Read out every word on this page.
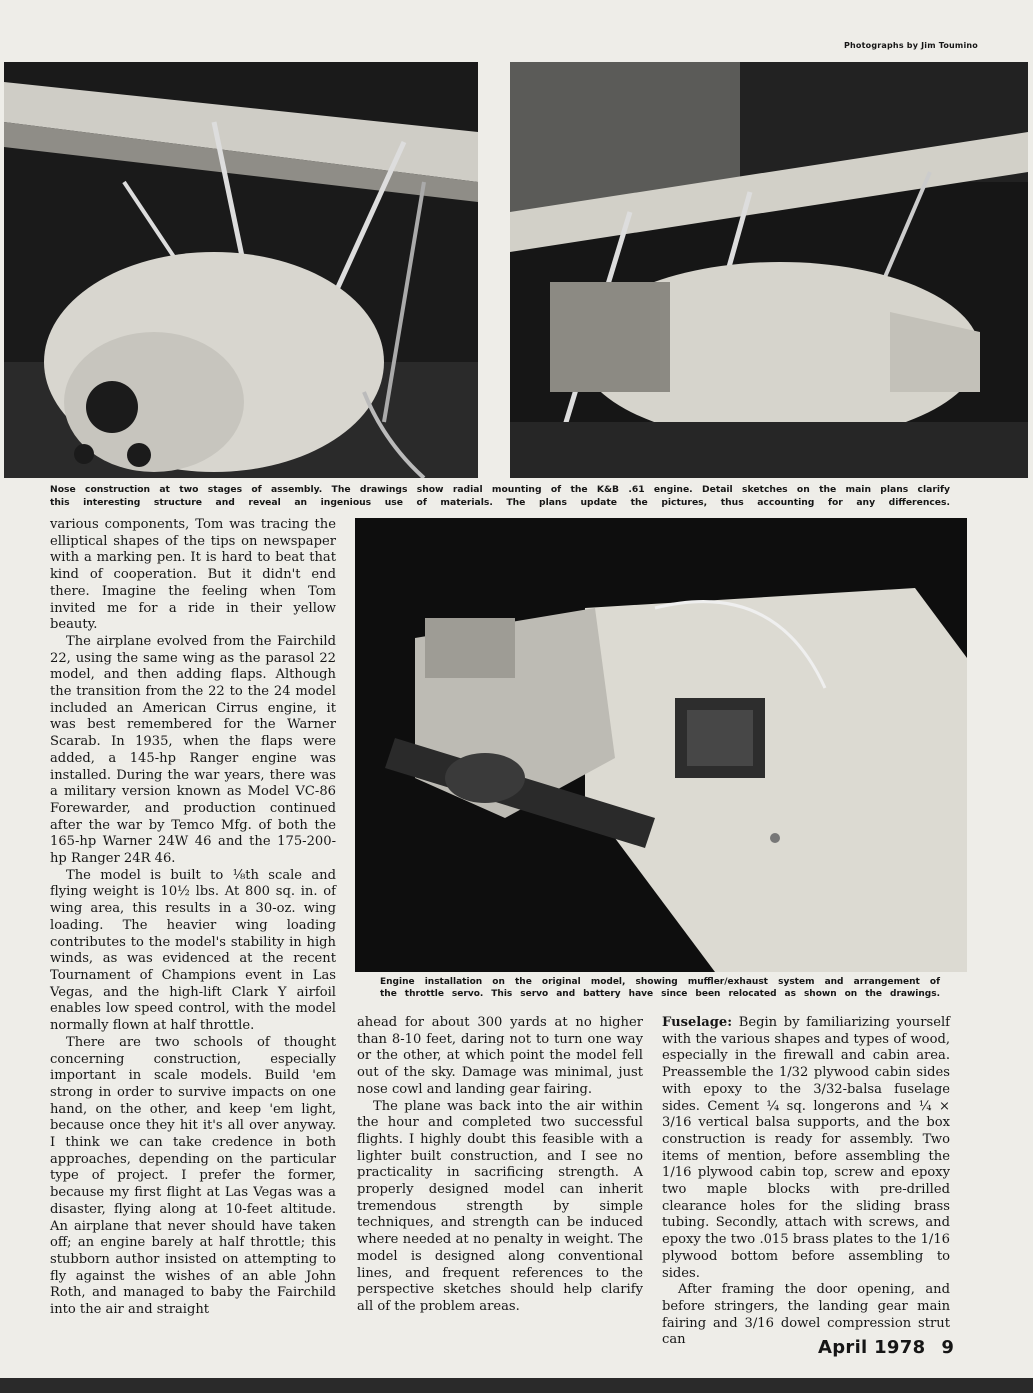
Photographs by Jim Toumino
Nose construction at two stages of assembly. The drawings show radial mounting of the K&B .61 engine. Detail sketches on the main plans clarify
this interesting structure and reveal an ingenious use of materials. The plans update the pictures, thus accounting for any differences.
Engine installation on the original model, showing muffler/exhaust system and arrangement of
the throttle servo. This servo and battery have since been relocated as shown on the drawings.

various components, Tom was tracing the elliptical shapes of the tips on newspaper with a marking pen. It is hard to beat that kind of cooperation. But it didn't end there. Imagine the feeling when Tom invited me for a ride in their yellow beauty.

The airplane evolved from the Fairchild 22, using the same wing as the parasol 22 model, and then adding flaps. Although the transition from the 22 to the 24 model included an American Cirrus engine, it was best remembered for the Warner Scarab. In 1935, when the flaps were added, a 145-hp Ranger engine was installed. During the war years, there was a military version known as Model VC-86 Forewarder, and production continued after the war by Temco Mfg. of both the 165-hp Warner 24W 46 and the 175-200-hp Ranger 24R 46.

The model is built to ⅛th scale and flying weight is 10½ lbs. At 800 sq. in. of wing area, this results in a 30-oz. wing loading. The heavier wing loading contributes to the model's stability in high winds, as was evidenced at the recent Tournament of Champions event in Las Vegas, and the high-lift Clark Y airfoil enables low speed control, with the model normally flown at half throttle.

There are two schools of thought concerning construction, especially important in scale models. Build 'em strong in order to survive impacts on one hand, on the other, and keep 'em light, because once they hit it's all over anyway. I think we can take credence in both approaches, depending on the particular type of project. I prefer the former, because my first flight at Las Vegas was a disaster, flying along at 10-feet altitude. An airplane that never should have taken off; an engine barely at half throttle; this stubborn author insisted on attempting to fly against the wishes of an able John Roth, and managed to baby the Fairchild into the air and straight

ahead for about 300 yards at no higher than 8-10 feet, daring not to turn one way or the other, at which point the model fell out of the sky. Damage was minimal, just nose cowl and landing gear fairing.

The plane was back into the air within the hour and completed two successful flights. I highly doubt this feasible with a lighter built construction, and I see no practicality in sacrificing strength. A properly designed model can inherit tremendous strength by simple techniques, and strength can be induced where needed at no penalty in weight. The model is designed along conventional lines, and frequent references to the perspective sketches should help clarify all of the problem areas.

Fuselage: Begin by familiarizing yourself with the various shapes and types of wood, especially in the firewall and cabin area. Preassemble the 1/32 plywood cabin sides with epoxy to the 3/32-balsa fuselage sides. Cement ¼ sq. longerons and ¼ × 3/16 vertical balsa supports, and the box construction is ready for assembly. Two items of mention, before assembling the 1/16 plywood cabin top, screw and epoxy two maple blocks with pre-drilled clearance holes for the sliding brass tubing. Secondly, attach with screws, and epoxy the two .015 brass plates to the 1/16 plywood bottom before assembling to sides.

After framing the door opening, and before stringers, the landing gear main fairing and 3/16 dowel compression strut can	April 1978 9
